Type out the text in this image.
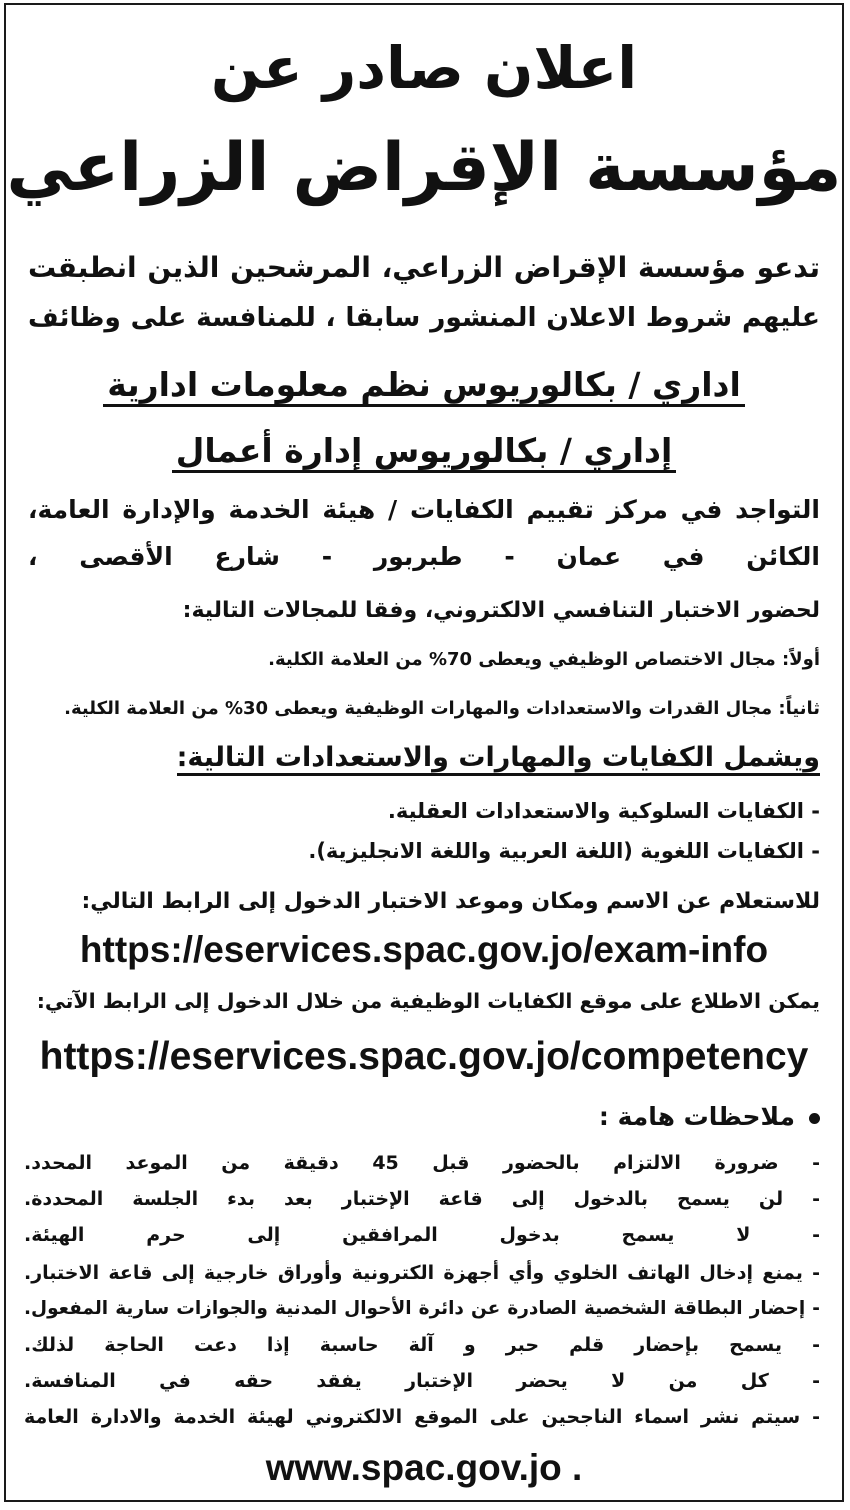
اعلان صادر عن
مؤسسة الإقراض الزراعي
تدعو مؤسسة الإقراض الزراعي، المرشحين الذين انطبقت
عليهم شروط الاعلان المنشور سابقا ، للمنافسة على وظائف
اداري / بكالوريوس نظم معلومات ادارية
إداري / بكالوريوس إدارة أعمال
التواجد في مركز تقييم الكفايات / هيئة الخدمة والإدارة العامة،
الكائن في عمان - طبربور - شارع الأقصى ،
لحضور الاختبار التنافسي الالكتروني، وفقا للمجالات التالية:
أولاً: مجال الاختصاص الوظيفي ويعطى 70% من العلامة الكلية.
ثانياً: مجال القدرات والاستعدادات والمهارات الوظيفية ويعطى 30% من العلامة الكلية.
ويشمل الكفايات والمهارات والاستعدادات التالية:
- الكفايات السلوكية والاستعدادات العقلية.
- الكفايات اللغوية (اللغة العربية واللغة الانجليزية).
للاستعلام عن الاسم ومكان وموعد الاختبار الدخول إلى الرابط التالي:
https://eservices.spac.gov.jo/exam-info
يمكن الاطلاع على موقع الكفايات الوظيفية من خلال الدخول إلى الرابط الآتي:
https://eservices.spac.gov.jo/competency
ملاحظات هامة :
- ضرورة الالتزام بالحضور قبل 45 دقيقة من الموعد المحدد.
- لن يسمح بالدخول إلى قاعة الإختبار بعد بدء الجلسة المحددة.
- لا يسمح بدخول المرافقين إلى حرم الهيئة.
- يمنع إدخال الهاتف الخلوي وأي أجهزة الكترونية وأوراق خارجية إلى قاعة الاختبار.
- إحضار البطاقة الشخصية الصادرة عن دائرة الأحوال المدنية والجوازات سارية المفعول.
- يسمح بإحضار قلم حبر و آلة حاسبة إذا دعت الحاجة لذلك.
- كل من لا يحضر الإختبار يفقد حقه في المنافسة.
- سيتم نشر اسماء الناجحين على الموقع الالكتروني لهيئة الخدمة والادارة العامة
www.spac.gov.jo .
